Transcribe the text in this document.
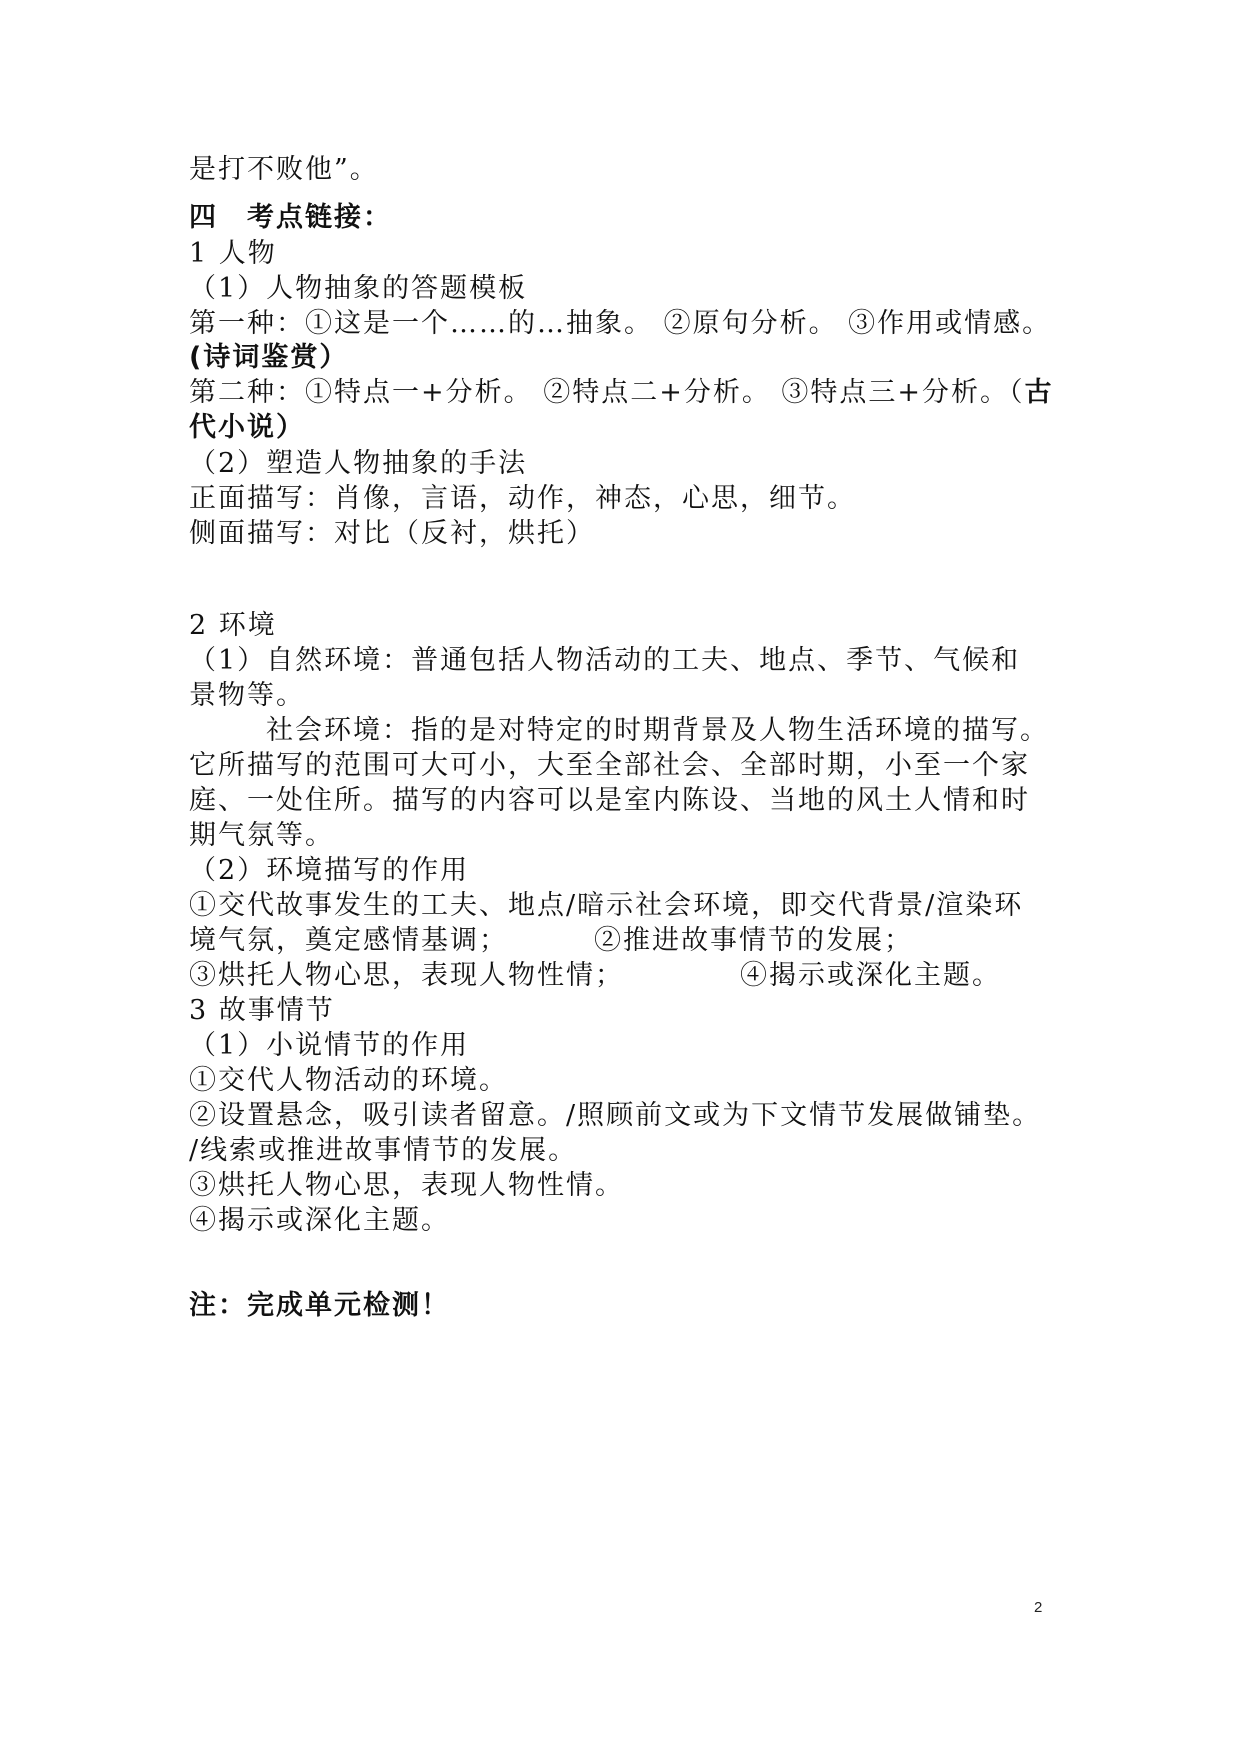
是打不败他”。
四　考点链接：
1 人物
（1）人物抽象的答题模板
第一种：①这是一个……的…抽象。 ②原句分析。 ③作用或情感。
(诗词鉴赏）
第二种：①特点一+分析。 ②特点二+分析。 ③特点三+分析。（古
代小说）
（2）塑造人物抽象的手法
正面描写：肖像，言语，动作，神态，心思，细节。
侧面描写：对比（反衬，烘托）
2 环境
（1）自然环境：普通包括人物活动的工夫、地点、季节、气候和
景物等。
社会环境：指的是对特定的时期背景及人物生活环境的描写。
它所描写的范围可大可小，大至全部社会、全部时期，小至一个家
庭、一处住所。描写的内容可以是室内陈设、当地的风土人情和时
期气氛等。
（2）环境描写的作用
①交代故事发生的工夫、地点/暗示社会环境，即交代背景/渲染环
境气氛，奠定感情基调；	②推进故事情节的发展；
③烘托人物心思，表现人物性情；	④揭示或深化主题。
3 故事情节
（1）小说情节的作用
①交代人物活动的环境。
②设置悬念，吸引读者留意。/照顾前文或为下文情节发展做铺垫。
/线索或推进故事情节的发展。
③烘托人物心思，表现人物性情。
④揭示或深化主题。
注：完成单元检测！
2
